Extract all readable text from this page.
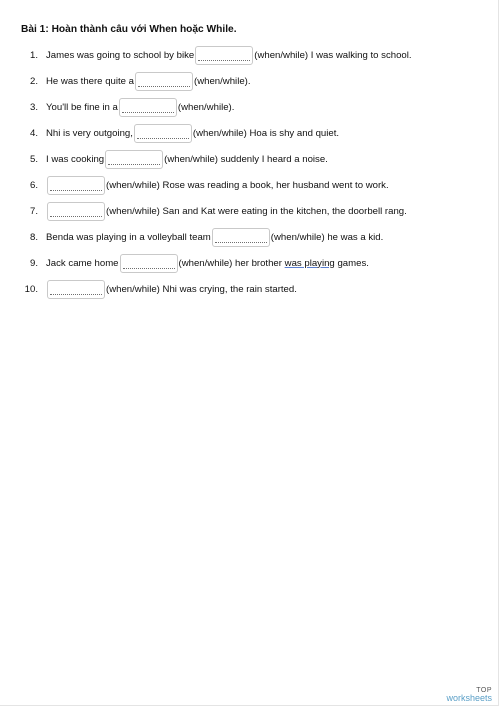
Bài 1: Hoàn thành câu với When hoặc While.
1. James was going to school by bike	(when/while) I was walking to school.
2. He was there quite a	(when/while).
3. You'll be fine in a	(when/while).
4. Nhi is very outgoing,	(when/while) Hoa is shy and quiet.
5. I was cooking	(when/while) suddenly I heard a noise.
6.	(when/while) Rose was reading a book, her husband went to work.
7.	(when/while) San and Kat were eating in the kitchen, the doorbell rang.
8. Benda was playing in a volleyball team	(when/while) he was a kid.
9. Jack came home	(when/while) her brother
was playing
games.
10.	(when/while) Nhi was crying, the rain started.
TOP
worksheets
